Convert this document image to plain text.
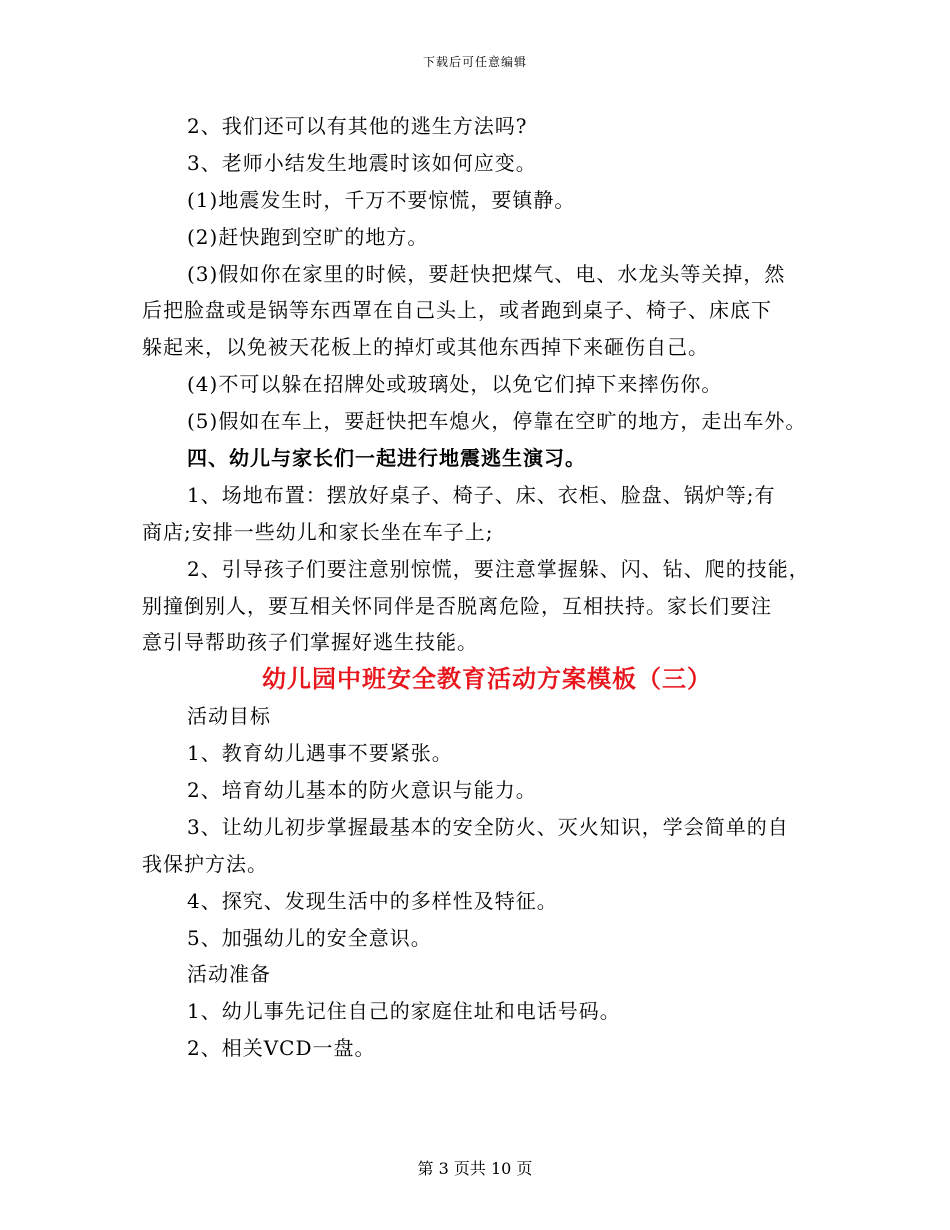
下载后可任意编辑
2、我们还可以有其他的逃生方法吗?
3、老师小结发生地震时该如何应变。
(1)地震发生时，千万不要惊慌，要镇静。
(2)赶快跑到空旷的地方。
(3)假如你在家里的时候，要赶快把煤气、电、水龙头等关掉，然
后把脸盘或是锅等东西罩在自己头上，或者跑到桌子、椅子、床底下
躲起来，以免被天花板上的掉灯或其他东西掉下来砸伤自己。
(4)不可以躲在招牌处或玻璃处，以免它们掉下来摔伤你。
(5)假如在车上，要赶快把车熄火，停靠在空旷的地方，走出车外。
四、幼儿与家长们一起进行地震逃生演习。
1、场地布置：摆放好桌子、椅子、床、衣柜、脸盘、锅炉等;有
商店;安排一些幼儿和家长坐在车子上;
2、引导孩子们要注意别惊慌，要注意掌握躲、闪、钻、爬的技能，
别撞倒别人，要互相关怀同伴是否脱离危险，互相扶持。家长们要注
意引导帮助孩子们掌握好逃生技能。
幼儿园中班安全教育活动方案模板（三）
活动目标
1、教育幼儿遇事不要紧张。
2、培育幼儿基本的防火意识与能力。
3、让幼儿初步掌握最基本的安全防火、灭火知识，学会简单的自
我保护方法。
4、探究、发现生活中的多样性及特征。
5、加强幼儿的安全意识。
活动准备
1、幼儿事先记住自己的家庭住址和电话号码。
2、相关VCD一盘。
第 3 页共 10 页
